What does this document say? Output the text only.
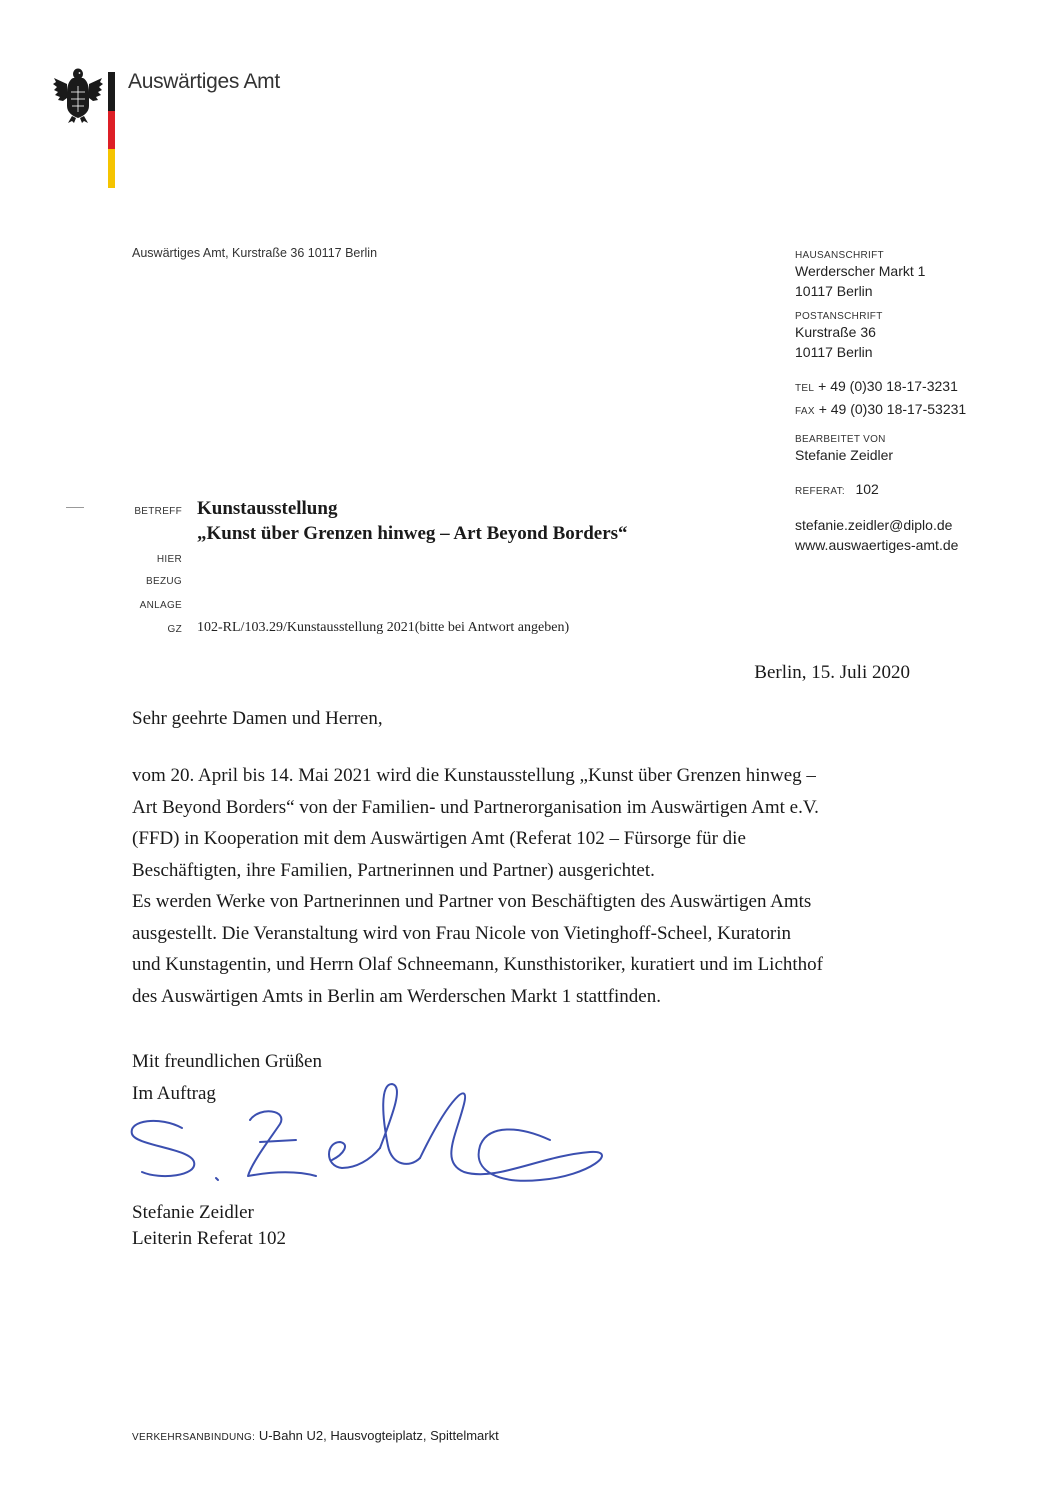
Auswärtiges Amt
Auswärtiges Amt, Kurstraße 36 10117 Berlin	HAUSANSCHRIFT
Werderscher Markt 1
10117 Berlin
POSTANSCHRIFT
Kurstraße 36
10117 Berlin
TEL + 49 (0)30 18-17-3231
FAX + 49 (0)30 18-17-53231
BEARBEITET VON
Stefanie Zeidler
REFERAT: 102
stefanie.zeidler@diplo.de
www.auswaertiges-amt.de
BETREFF Kunstausstellung
„Kunst über Grenzen hinweg – Art Beyond Borders“
HIER
BEZUG
ANLAGE
GZ 102-RL/103.29/Kunstausstellung 2021(bitte bei Antwort angeben)
Berlin, 15. Juli 2020
Sehr geehrte Damen und Herren,

vom 20. April bis 14. Mai 2021 wird die Kunstausstellung „Kunst über Grenzen hinweg –

Art Beyond Borders“ von der Familien- und Partnerorganisation im Auswärtigen Amt e.V.

(FFD) in Kooperation mit dem Auswärtigen Amt (Referat 102 – Fürsorge für die

Beschäftigten, ihre Familien, Partnerinnen und Partner) ausgerichtet.

Es werden Werke von Partnerinnen und Partner von Beschäftigten des Auswärtigen Amts

ausgestellt. Die Veranstaltung wird von Frau Nicole von Vietinghoff-Scheel, Kuratorin

und Kunstagentin, und Herrn Olaf Schneemann, Kunsthistoriker, kuratiert und im Lichthof

des Auswärtigen Amts in Berlin am Werderschen Markt 1 stattfinden.

Mit freundlichen Grüßen
Im Auftrag
Stefanie Zeidler
Leiterin Referat 102
VERKEHRSANBINDUNG: U-Bahn U2, Hausvogteiplatz, Spittelmarkt
